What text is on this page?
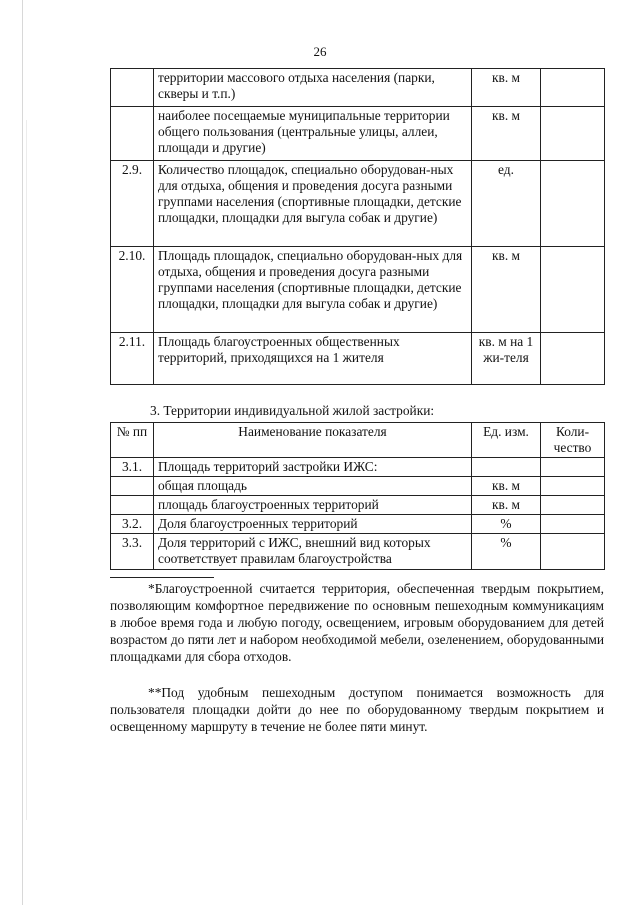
26
	территории массового отдыха населения (парки, скверы и т.п.)	кв. м	
	наиболее посещаемые муниципальные территории общего пользования (центральные улицы, аллеи, площади и другие)	кв. м	
2.9.	Количество площадок, специально оборудован-ных для отдыха, общения и проведения досуга разными группами населения (спортивные площадки, детские площадки, площадки для выгула собак и другие)	ед.	
2.10.	Площадь площадок, специально оборудован-ных для отдыха, общения и проведения досуга разными группами населения (спортивные площадки, детские площадки, площадки для выгула собак и другие)	кв. м	
2.11.	Площадь благоустроенных общественных территорий, приходящихся на 1 жителя	кв. м на 1 жи-теля	
3. Территории индивидуальной жилой застройки:
№ пп	Наименование показателя	Ед. изм.	Коли-чество
3.1.	Площадь территорий застройки ИЖС:		
	общая площадь	кв. м	
	площадь благоустроенных территорий	кв. м	
3.2.	Доля благоустроенных территорий	%	
3.3.	Доля территорий с ИЖС, внешний вид которых соответствует правилам благоустройства	%	

*Благоустроенной считается территория, обеспеченная твердым покрытием, позволяющим комфортное передвижение по основным пешеходным коммуникациям в любое время года и любую погоду, освещением, игровым оборудованием для детей возрастом до пяти лет и набором необходимой мебели, озеленением, оборудованными площадками для сбора отходов.

**Под удобным пешеходным доступом понимается возможность для пользователя площадки дойти до нее по оборудованному твердым покрытием и освещенному маршруту в течение не более пяти минут.
